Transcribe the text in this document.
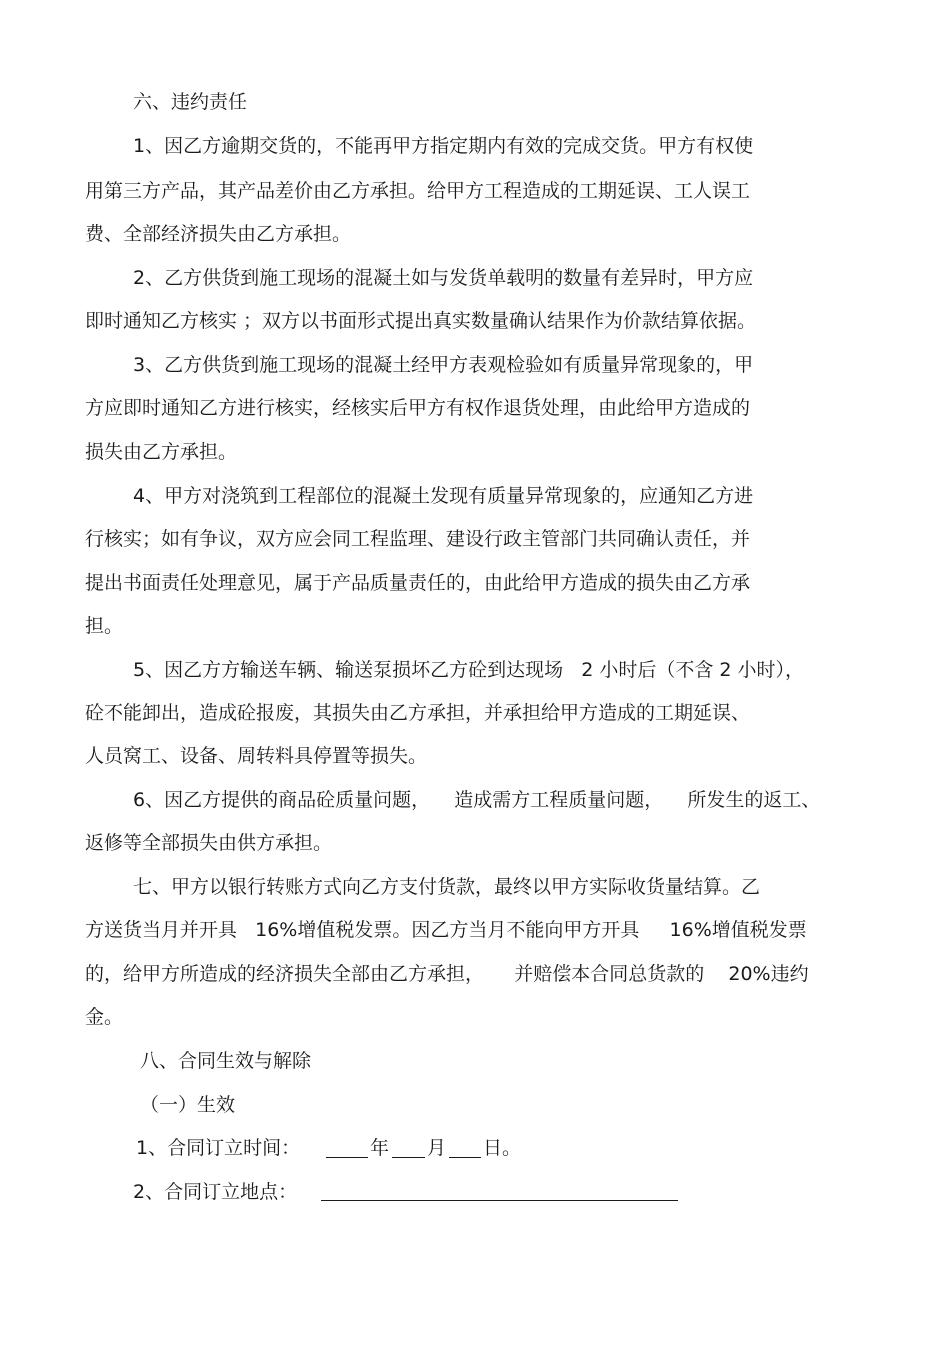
六、违约责任
1、因乙方逾期交货的，不能再甲方指定期内有效的完成交货。甲方有权使
用第三方产品，其产品差价由乙方承担。给甲方工程造成的工期延误、工人误工
费、全部经济损失由乙方承担。
2、乙方供货到施工现场的混凝土如与发货单载明的数量有差异时，甲方应
即时通知乙方核实 ；双方以书面形式提出真实数量确认结果作为价款结算依据。
3、乙方供货到施工现场的混凝土经甲方表观检验如有质量异常现象的，甲
方应即时通知乙方进行核实，经核实后甲方有权作退货处理，由此给甲方造成的
损失由乙方承担。
4、甲方对浇筑到工程部位的混凝土发现有质量异常现象的，应通知乙方进
行核实；如有争议，双方应会同工程监理、建设行政主管部门共同确认责任，并
提出书面责任处理意见，属于产品质量责任的，由此给甲方造成的损失由乙方承
担。
5、因乙方方输送车辆、输送泵损坏乙方砼到达现场   2 小时后（不含 2 小时），
砼不能卸出，造成砼报废，其损失由乙方承担，并承担给甲方造成的工期延误、
人员窝工、设备、周转料具停置等损失。
6、因乙方提供的商品砼质量问题，    造成需方工程质量问题，    所发生的返工、
返修等全部损失由供方承担。
七、甲方以银行转账方式向乙方支付货款，最终以甲方实际收货量结算。乙
方送货当月并开具   16%增值税发票。因乙方当月不能向甲方开具     16%增值税发票
的，给甲方所造成的经济损失全部由乙方承担，     并赔偿本合同总货款的    20%违约
金。
八、合同生效与解除
（一）生效
1、合同订立时间：	年 月 日。
2、合同订立地点：
